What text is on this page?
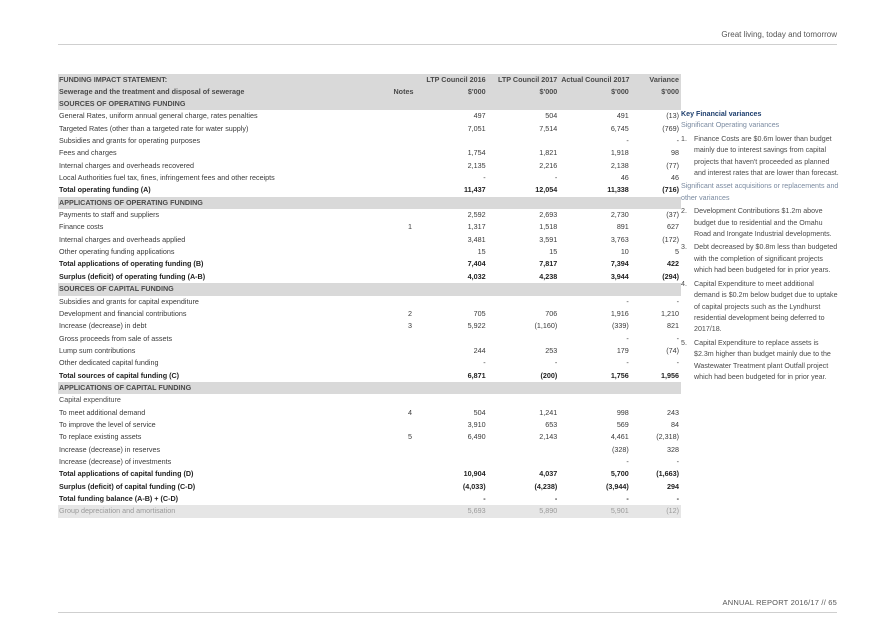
Great living, today and tomorrow
FUNDING IMPACT STATEMENT:		LTP Council 2016	LTP Council 2017	Actual Council 2017	Variance
Sewerage and the treatment and disposal of sewerage	Notes	$'000	$'000	$'000	$'000
SOURCES OF OPERATING FUNDING					
General Rates, uniform annual general charge, rates penalties		497	504	491	(13)
Targeted Rates (other than a targeted rate for water supply)		7,051	7,514	6,745	(769)
Subsidies and grants for operating purposes				-	-
Fees and charges		1,754	1,821	1,918	98
Internal charges and overheads recovered		2,135	2,216	2,138	(77)
Local Authorities fuel tax, fines, infringement fees and other receipts		-	-	46	46
Total operating funding (A)		11,437	12,054	11,338	(716)
APPLICATIONS OF OPERATING FUNDING					
Payments to staff and suppliers		2,592	2,693	2,730	(37)
Finance costs	1	1,317	1,518	891	627
Internal charges and overheads applied		3,481	3,591	3,763	(172)
Other operating funding applications		15	15	10	5
Total applications of operating funding (B)		7,404	7,817	7,394	422
Surplus (deficit) of operating funding (A-B)		4,032	4,238	3,944	(294)
SOURCES OF CAPITAL FUNDING					
Subsidies and grants for capital expenditure				-	-
Development and financial contributions	2	705	706	1,916	1,210
Increase (decrease) in debt	3	5,922	(1,160)	(339)	821
Gross proceeds from sale of assets				-	-
Lump sum contributions		244	253	179	(74)
Other dedicated capital funding		-	-	-	-
Total sources of capital funding (C)		6,871	(200)	1,756	1,956
APPLICATIONS OF CAPITAL FUNDING					
Capital expenditure					
To meet additional demand	4	504	1,241	998	243
To improve the level of service		3,910	653	569	84
To replace existing assets	5	6,490	2,143	4,461	(2,318)
Increase (decrease) in reserves				(328)	328
Increase (decrease) of investments				-	-
Total applications of capital funding (D)		10,904	4,037	5,700	(1,663)
Surplus (deficit) of capital funding (C-D)		(4,033)	(4,238)	(3,944)	294
Total funding balance (A-B) + (C-D)		-	-	-	-
Group depreciation and amortisation		5,693	5,890	5,901	(12)
Key Financial variances
Significant Operating variances
1. Finance Costs are $0.6m lower than budget mainly due to interest savings from capital projects that haven't proceeded as planned and interest rates that are lower than forecast.
Significant asset acquisitions or replacements and other variances
2. Development Contributions $1.2m above budget due to residential and the Omahu Road and Irongate Industrial developments.
3. Debt decreased by $0.8m less than budgeted with the completion of significant projects which had been budgeted for in prior years.
4. Capital Expenditure to meet additional demand is $0.2m below budget due to uptake of capital projects such as the Lyndhurst residential development being deferred to 2017/18.
5. Capital Expenditure to replace assets is $2.3m higher than budget mainly due to the Wastewater Treatment plant Outfall project which had been budgeted for in prior year.
ANNUAL REPORT 2016/17 // 65
